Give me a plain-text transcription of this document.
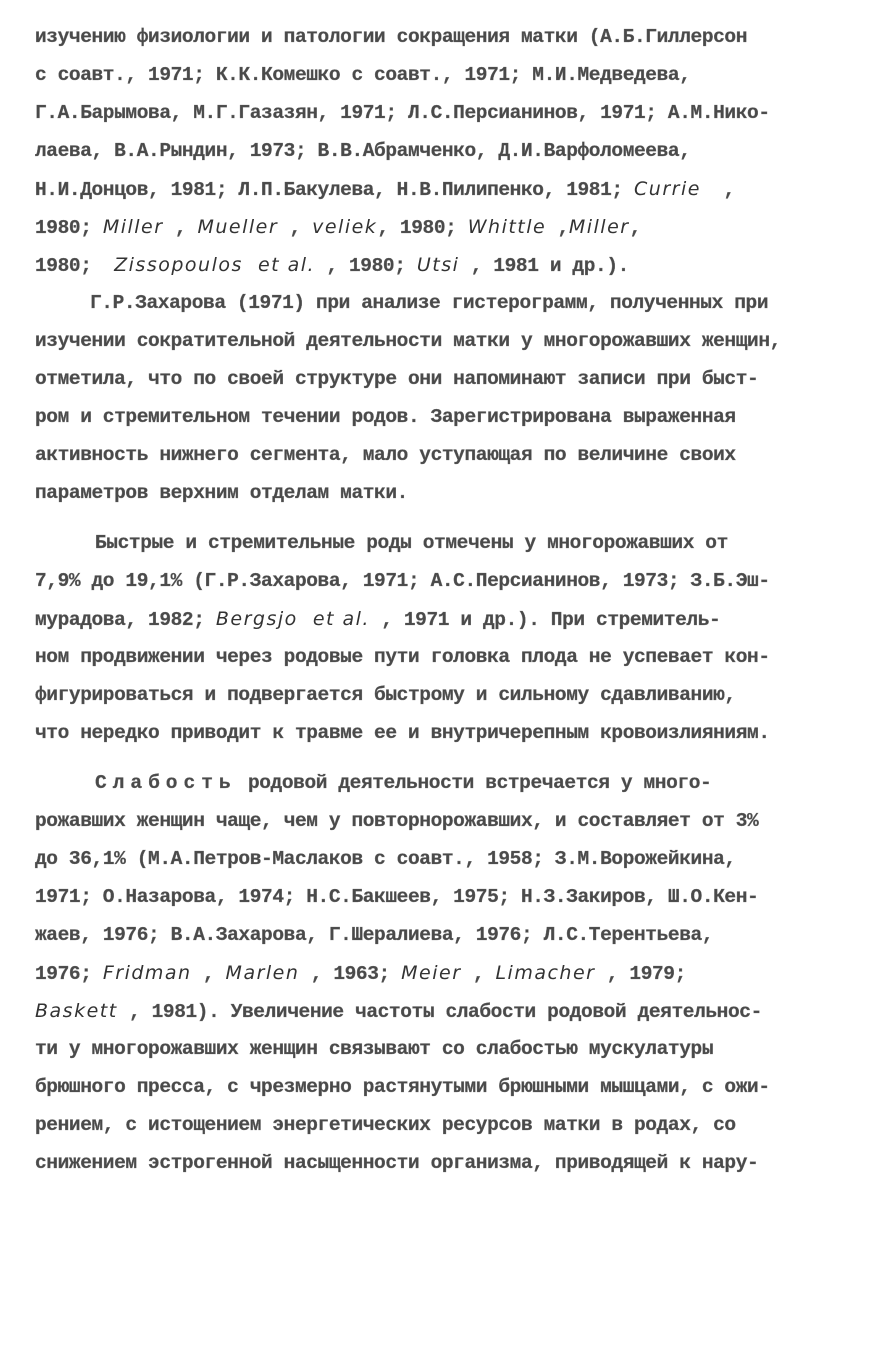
изучению физиологии и патологии сокращения матки (А.Б.Гиллерсон
с соавт., 1971; К.К.Комешко с соавт., 1971; М.И.Медведева,
Г.А.Барымова, М.Г.Газазян, 1971; Л.С.Персианинов, 1971; А.М.Нико-
лаева, В.А.Рындин, 1973; В.В.Абрамченко, Д.И.Варфоломеева,
Н.И.Донцов, 1981; Л.П.Бакулева, Н.В.Пилипенко, 1981; Currie ,
1980; Miller , Mueller , veliek, 1980; Whittle ,Miller,
1980; Zissopoulos  et al. , 1980; Utsi , 1981 и др.).
Г.Р.Захарова (1971) при анализе гистерограмм, полученных при
изучении сократительной деятельности матки у многорожавших женщин,
отметила, что по своей структуре они напоминают записи при быст-
ром и стремительном течении родов. Зарегистрирована выраженная
активность нижнего сегмента, мало уступающая по величине своих
параметров верхним отделам матки.
Быстрые и стремительные роды отмечены у многорожавших от
7,9% до 19,1% (Г.Р.Захарова, 1971; А.С.Персианинов, 1973; З.Б.Эш-
мурадова, 1982; Bergsjo  et al. , 1971 и др.). При стремитель-
ном продвижении через родовые пути головка плода не успевает кон-
фигурироваться и подвергается быстрому и сильному сдавливанию,
что нередко приводит к травме ее и внутричерепным кровоизлияниям.
Слабость родовой деятельности встречается у много-
рожавших женщин чаще, чем у повторнорожавших, и составляет от 3%
до 36,1% (М.А.Петров-Маслаков с соавт., 1958; З.М.Ворожейкина,
1971; О.Назарова, 1974; Н.С.Бакшеев, 1975; Н.З.Закиров, Ш.О.Кен-
жаев, 1976; В.А.Захарова, Г.Шералиева, 1976; Л.С.Терентьева,
1976; Fridman , Marlen , 1963; Meier , Limacher , 1979;
Baskett , 1981). Увеличение частоты слабости родовой деятельнос-
ти у многорожавших женщин связывают со слабостью мускулатуры
брюшного пресса, с чрезмерно растянутыми брюшными мышцами, с ожи-
рением, с истощением энергетических ресурсов матки в родах, со
снижением эстрогенной насыщенности организма, приводящей к нару-
